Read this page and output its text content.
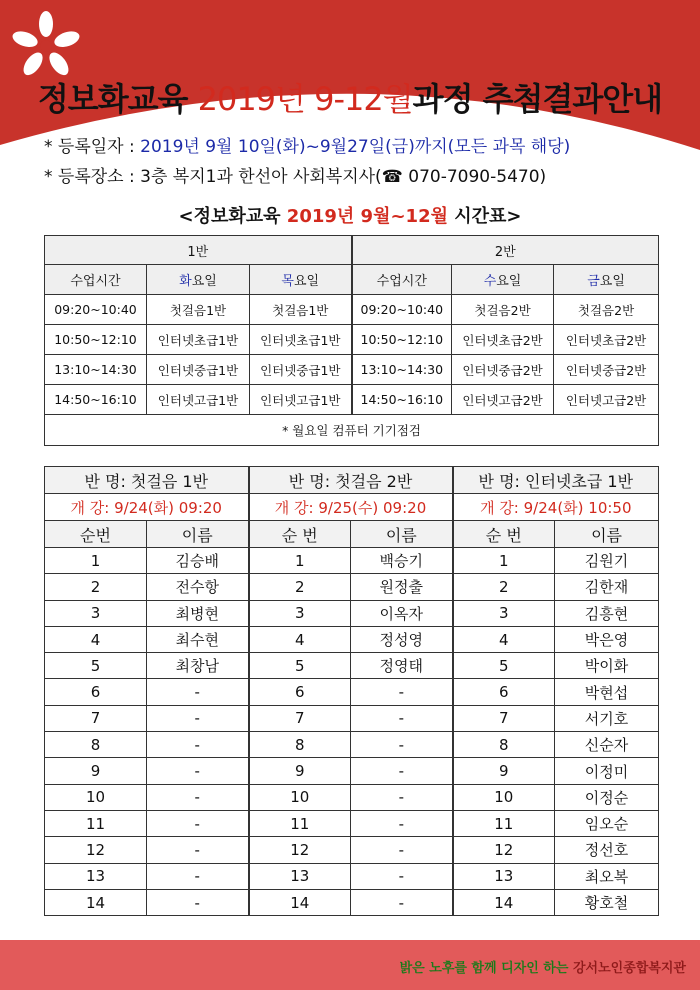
정보화교육 2019년 9-12월과정 추첨결과안내
* 등록일자 : 2019년 9월 10일(화)~9월27일(금)까지(모든 과목 해당)
* 등록장소 : 3층 복지1과 한선아 사회복지사(☎ 070-7090-5470)
<정보화교육 2019년 9월~12월 시간표>
1반			2반		
수업시간	화요일	목요일	수업시간	수요일	금요일
09:20~10:40	첫걸음1반	첫걸음1반	09:20~10:40	첫걸음2반	첫걸음2반
10:50~12:10	인터넷초급1반	인터넷초급1반	10:50~12:10	인터넷초급2반	인터넷초급2반
13:10~14:30	인터넷중급1반	인터넷중급1반	13:10~14:30	인터넷중급2반	인터넷중급2반
14:50~16:10	인터넷고급1반	인터넷고급1반	14:50~16:10	인터넷고급2반	인터넷고급2반
* 월요일 컴퓨터 기기점검					
반 명: 첫걸음 1반		반 명: 첫걸음 2반		반 명: 인터넷초급 1반	
개 강: 9/24(화) 09:20		개 강: 9/25(수) 09:20		개 강: 9/24(화) 10:50	
순번	이름	순 번	이름	순 번	이름
1	김승배	1	백승기	1	김원기
2	전수항	2	원정출	2	김한재
3	최병현	3	이옥자	3	김흥현
4	최수현	4	정성영	4	박은영
5	최창남	5	정영태	5	박이화
6	-	6	-	6	박현섭
7	-	7	-	7	서기호
8	-	8	-	8	신순자
9	-	9	-	9	이정미
10	-	10	-	10	이정순
11	-	11	-	11	임오순
12	-	12	-	12	정선호
13	-	13	-	13	최오복
14	-	14	-	14	황호철
밝은 노후를 함께 디자인 하는 강서노인종합복지관
